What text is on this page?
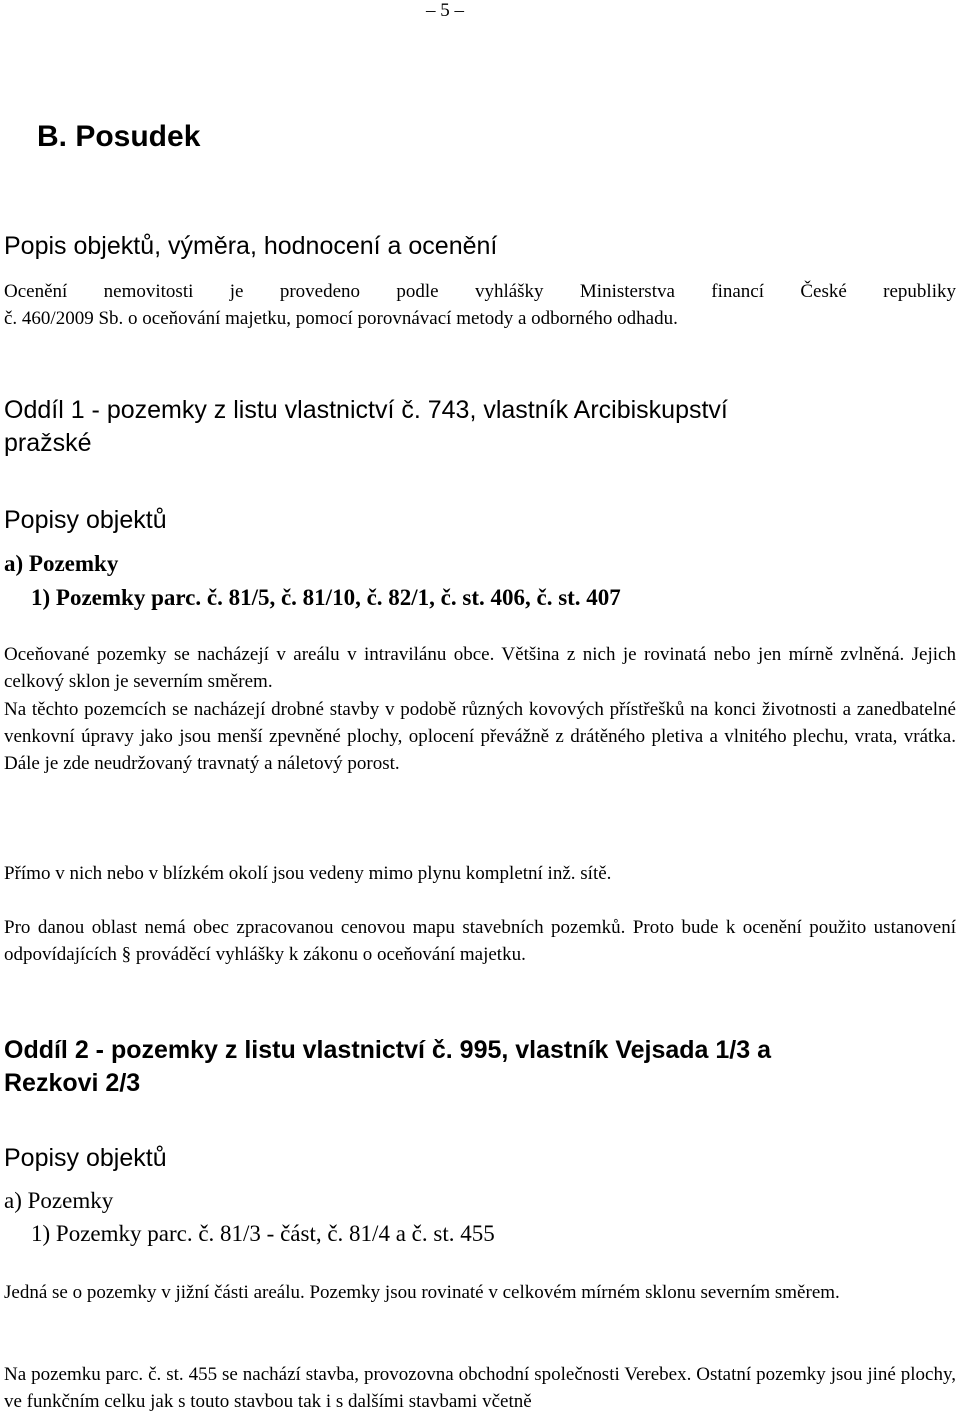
– 5 –
B. Posudek
Popis objektů, výměra, hodnocení a ocenění
Ocenění nemovitosti je provedeno podle vyhlášky Ministerstva financí České republiky
č. 460/2009 Sb. o oceňování majetku, pomocí porovnávací metody a odborného odhadu.
Oddíl 1 - pozemky z listu vlastnictví č. 743, vlastník Arcibiskupství
pražské
Popisy objektů
a) Pozemky
1) Pozemky parc. č. 81/5, č. 81/10, č. 82/1, č. st. 406, č. st. 407
Oceňované pozemky se nacházejí v areálu v intravilánu obce. Většina z nich je rovinatá nebo jen mírně zvlněná. Jejich celkový sklon je severním směrem.
Na těchto pozemcích se nacházejí drobné stavby v podobě různých kovových přístřešků na konci životnosti a zanedbatelné venkovní úpravy jako jsou menší zpevněné plochy, oplocení převážně z drátěného pletiva a vlnitého plechu, vrata, vrátka. Dále je zde neudržovaný travnatý a náletový porost.
Přímo v nich nebo v blízkém okolí jsou vedeny mimo plynu kompletní inž. sítě.
Pro danou oblast nemá obec zpracovanou cenovou mapu stavebních pozemků. Proto bude k ocenění použito ustanovení odpovídajících § prováděcí vyhlášky k zákonu o oceňování majetku.
Oddíl 2 - pozemky z listu vlastnictví č. 995, vlastník Vejsada 1/3 a
Rezkovi 2/3
Popisy objektů
a) Pozemky
1) Pozemky parc. č. 81/3 - část, č. 81/4 a č. st. 455
Jedná se o pozemky v jižní části areálu. Pozemky jsou rovinaté v celkovém mírném sklonu severním směrem.
Na pozemku parc. č. st. 455 se nachází stavba, provozovna obchodní společnosti Verebex. Ostatní pozemky jsou jiné plochy, ve funkčním celku jak s touto stavbou tak i s dalšími stavbami včetně
